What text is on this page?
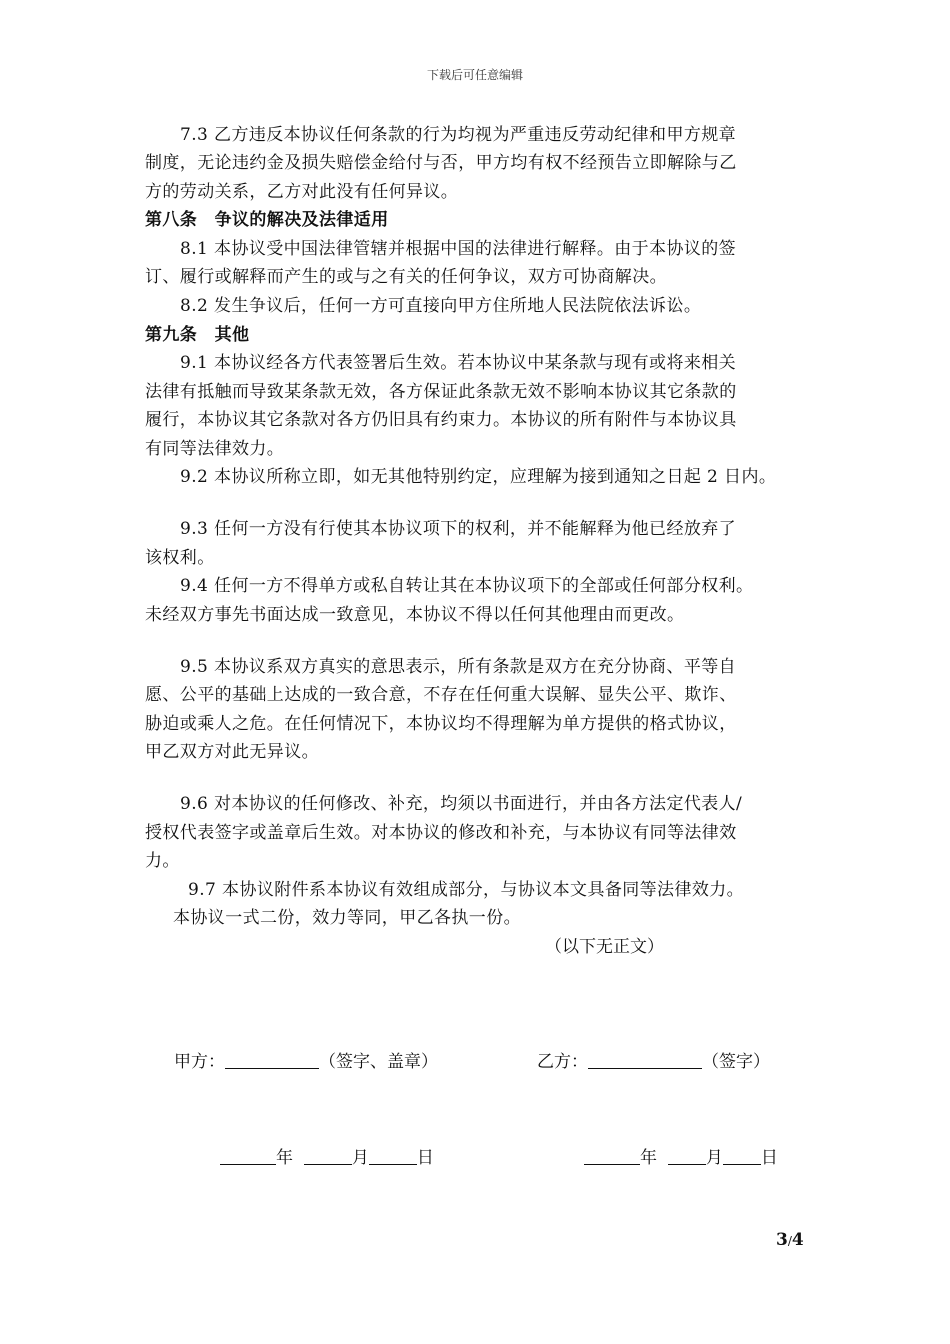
下载后可任意编辑
7.3 乙方违反本协议任何条款的行为均视为严重违反劳动纪律和甲方规章
制度，无论违约金及损失赔偿金给付与否，甲方均有权不经预告立即解除与乙
方的劳动关系，乙方对此没有任何异议。
第八条　争议的解决及法律适用
8.1 本协议受中国法律管辖并根据中国的法律进行解释。由于本协议的签
订、履行或解释而产生的或与之有关的任何争议，双方可协商解决。
8.2 发生争议后，任何一方可直接向甲方住所地人民法院依法诉讼。
第九条　其他
9.1 本协议经各方代表签署后生效。若本协议中某条款与现有或将来相关
法律有抵触而导致某条款无效，各方保证此条款无效不影响本协议其它条款的
履行，本协议其它条款对各方仍旧具有约束力。本协议的所有附件与本协议具
有同等法律效力。
9.2 本协议所称立即，如无其他特别约定，应理解为接到通知之日起 2 日内。
9.3 任何一方没有行使其本协议项下的权利，并不能解释为他已经放弃了
该权利。
9.4 任何一方不得单方或私自转让其在本协议项下的全部或任何部分权利。
未经双方事先书面达成一致意见，本协议不得以任何其他理由而更改。
9.5 本协议系双方真实的意思表示，所有条款是双方在充分协商、平等自
愿、公平的基础上达成的一致合意，不存在任何重大误解、显失公平、欺诈、
胁迫或乘人之危。在任何情况下，本协议均不得理解为单方提供的格式协议，
甲乙双方对此无异议。
9.6 对本协议的任何修改、补充，均须以书面进行，并由各方法定代表人/
授权代表签字或盖章后生效。对本协议的修改和补充，与本协议有同等法律效
力。
9.7 本协议附件系本协议有效组成部分，与协议本文具备同等法律效力。
本协议一式二份，效力等同，甲乙各执一份。
（以下无正文）
甲方：	（签字、盖章）	乙方：	（签字）
年	月	日	年	月 日
3/4
